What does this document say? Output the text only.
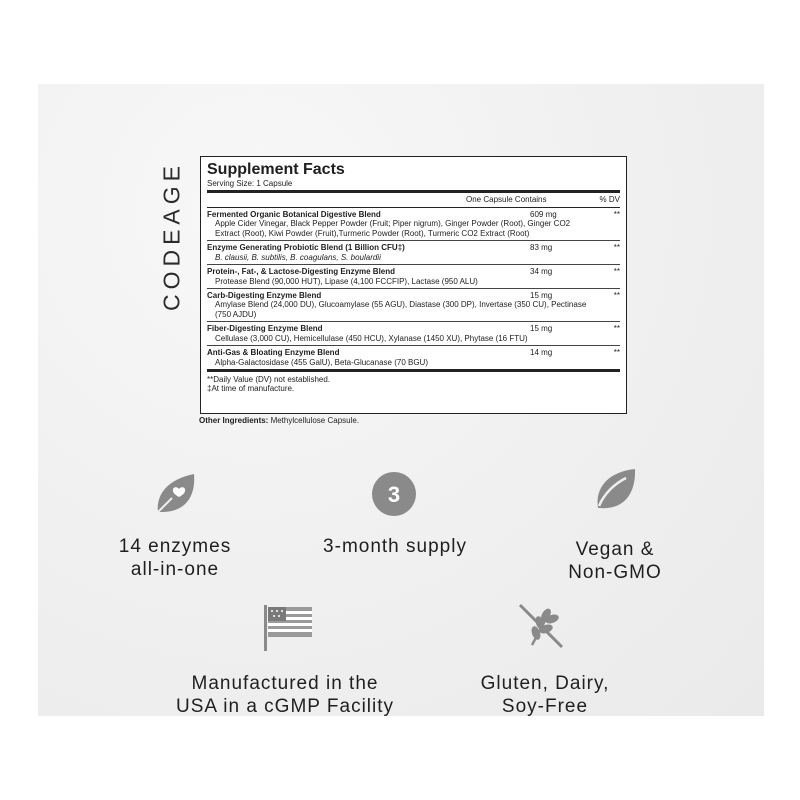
CODEAGE Supplement Facts
Serving Size: 1 Capsule
One Capsule Contains	% DV
Fermented Organic Botanical Digestive Blend	609 mg	**
Apple Cider Vinegar, Black Pepper Powder (Fruit; Piper nigrum), Ginger Powder (Root), Ginger CO2 Extract (Root), Kiwi Powder (Fruit),Turmeric Powder (Root), Turmeric CO2 Extract (Root)
Enzyme Generating Probiotic Blend (1 Billion CFU‡)	83 mg	**
B. clausii, B. subtilis, B. coagulans, S. boulardii
Protein-, Fat-, & Lactose-Digesting Enzyme Blend	34 mg	**
Protease Blend (90,000 HUT), Lipase (4,100 FCCFIP), Lactase (950 ALU)
Carb-Digesting Enzyme Blend	15 mg	**
Amylase Blend (24,000 DU), Glucoamylase (55 AGU), Diastase (300 DP), Invertase (350 CU), Pectinase (750 AJDU)
Fiber-Digesting Enzyme Blend	15 mg	**
Cellulase (3,000 CU), Hemicellulase (450 HCU), Xylanase (1450 XU), Phytase (16 FTU)
Anti-Gas & Bloating Enzyme Blend	14 mg	**
Alpha-Galactosidase (455 GalU), Beta-Glucanase (70 BGU)
**Daily Value (DV) not established.
‡At time of manufacture.
Other Ingredients: Methylcellulose Capsule.
14 enzymes
all-in-one
3
3-month supply	Vegan &
Non-GMO
Manufactured in the
USA in a cGMP Facility
Gluten, Dairy,
Soy-Free
